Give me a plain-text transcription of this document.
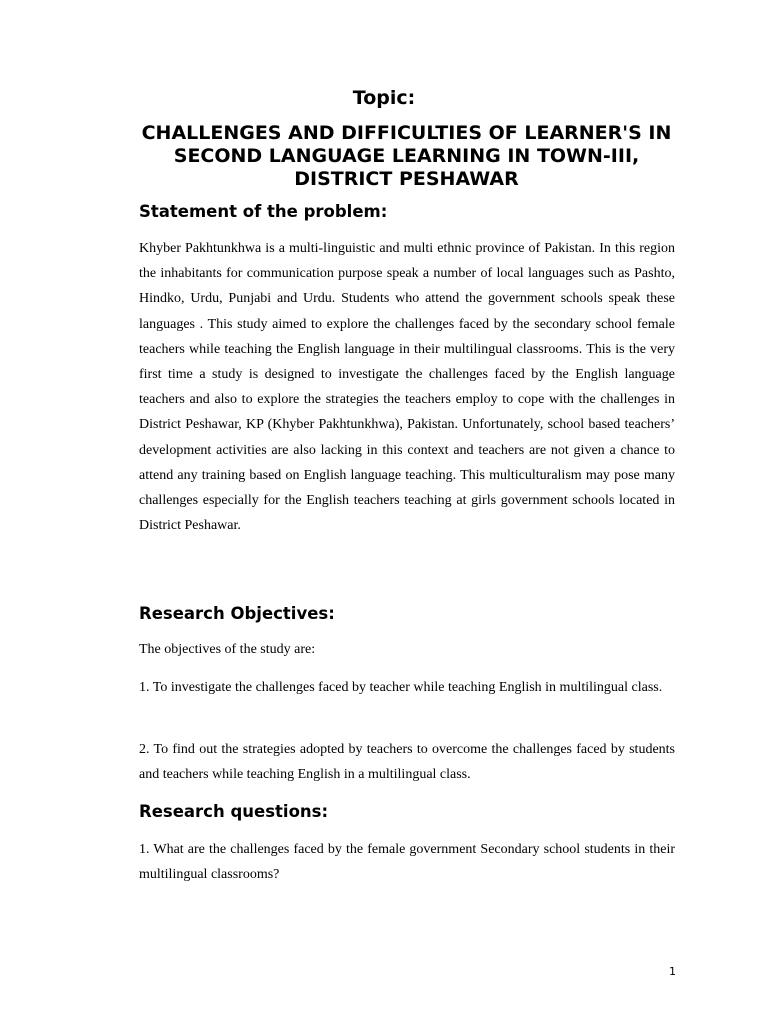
Topic:
CHALLENGES AND DIFFICULTIES OF LEARNER'S IN SECOND LANGUAGE LEARNING IN TOWN-III, DISTRICT PESHAWAR
Statement of the problem:

Khyber Pakhtunkhwa is a multi-linguistic and multi ethnic province of Pakistan. In this region the inhabitants for communication purpose speak a number of local languages such as Pashto, Hindko, Urdu, Punjabi and Urdu. Students who attend the government schools speak these languages . This study aimed to explore the challenges faced by the secondary school female teachers while teaching the English language in their multilingual classrooms. This is the very first time a study is designed to investigate the challenges faced by the English language teachers and also to explore the strategies the teachers employ to cope with the challenges in District Peshawar, KP (Khyber Pakhtunkhwa), Pakistan. Unfortunately, school based teachers’ development activities are also lacking in this context and teachers are not given a chance to attend any training based on English language teaching. This multiculturalism may pose many challenges especially for the English teachers teaching at girls government schools located in District Peshawar.

Research Objectives:

The objectives of the study are:

1. To investigate the challenges faced by teacher while teaching English in multilingual class.

2. To find out the strategies adopted by teachers to overcome the challenges faced by students and teachers while teaching English in a multilingual class.

Research questions:

1. What are the challenges faced by the female government Secondary school students in their multilingual classrooms?

1
